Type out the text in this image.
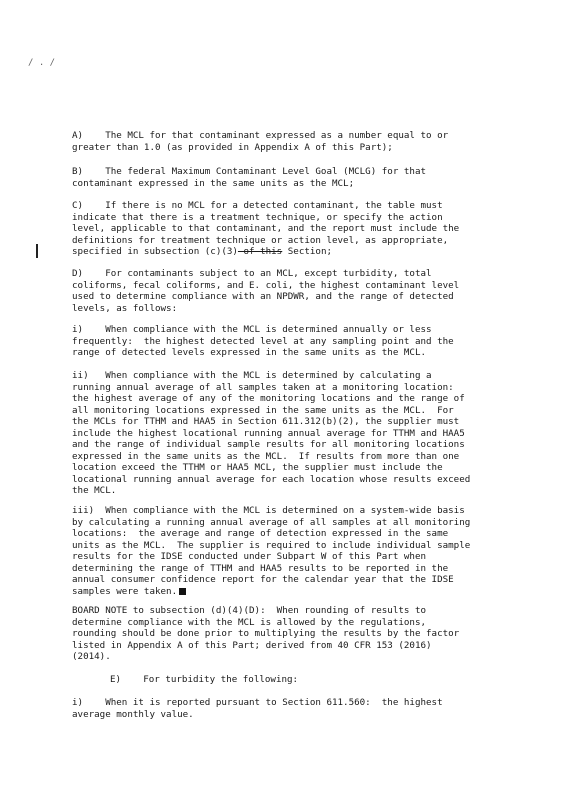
/ . /
A)    The MCL for that contaminant expressed as a number equal to or
greater than 1.0 (as provided in Appendix A of this Part);
B)    The federal Maximum Contaminant Level Goal (MCLG) for that
contaminant expressed in the same units as the MCL;
C)    If there is no MCL for a detected contaminant, the table must
indicate that there is a treatment technique, or specify the action
level, applicable to that contaminant, and the report must include the
definitions for treatment technique or action level, as appropriate,
specified in subsection (c)(3) of this Section;
D)    For contaminants subject to an MCL, except turbidity, total
coliforms, fecal coliforms, and E. coli, the highest contaminant level
used to determine compliance with an NPDWR, and the range of detected
levels, as follows:
i)    When compliance with the MCL is determined annually or less
frequently:  the highest detected level at any sampling point and the
range of detected levels expressed in the same units as the MCL.
ii)   When compliance with the MCL is determined by calculating a
running annual average of all samples taken at a monitoring location:
the highest average of any of the monitoring locations and the range of
all monitoring locations expressed in the same units as the MCL.  For
the MCLs for TTHM and HAA5 in Section 611.312(b)(2), the supplier must
include the highest locational running annual average for TTHM and HAA5
and the range of individual sample results for all monitoring locations
expressed in the same units as the MCL.  If results from more than one
location exceed the TTHM or HAA5 MCL, the supplier must include the
locational running annual average for each location whose results exceed
the MCL.
iii)  When compliance with the MCL is determined on a system-wide basis
by calculating a running annual average of all samples at all monitoring
locations:  the average and range of detection expressed in the same
units as the MCL.  The supplier is required to include individual sample
results for the IDSE conducted under Subpart W of this Part when
determining the range of TTHM and HAA5 results to be reported in the
annual consumer confidence report for the calendar year that the IDSE
samples were taken.
BOARD NOTE to subsection (d)(4)(D):  When rounding of results to
determine compliance with the MCL is allowed by the regulations,
rounding should be done prior to multiplying the results by the factor
listed in Appendix A of this Part; derived from 40 CFR 153 (2016)
(2014).
E)    For turbidity the following:
i)    When it is reported pursuant to Section 611.560:  the highest
average monthly value.
